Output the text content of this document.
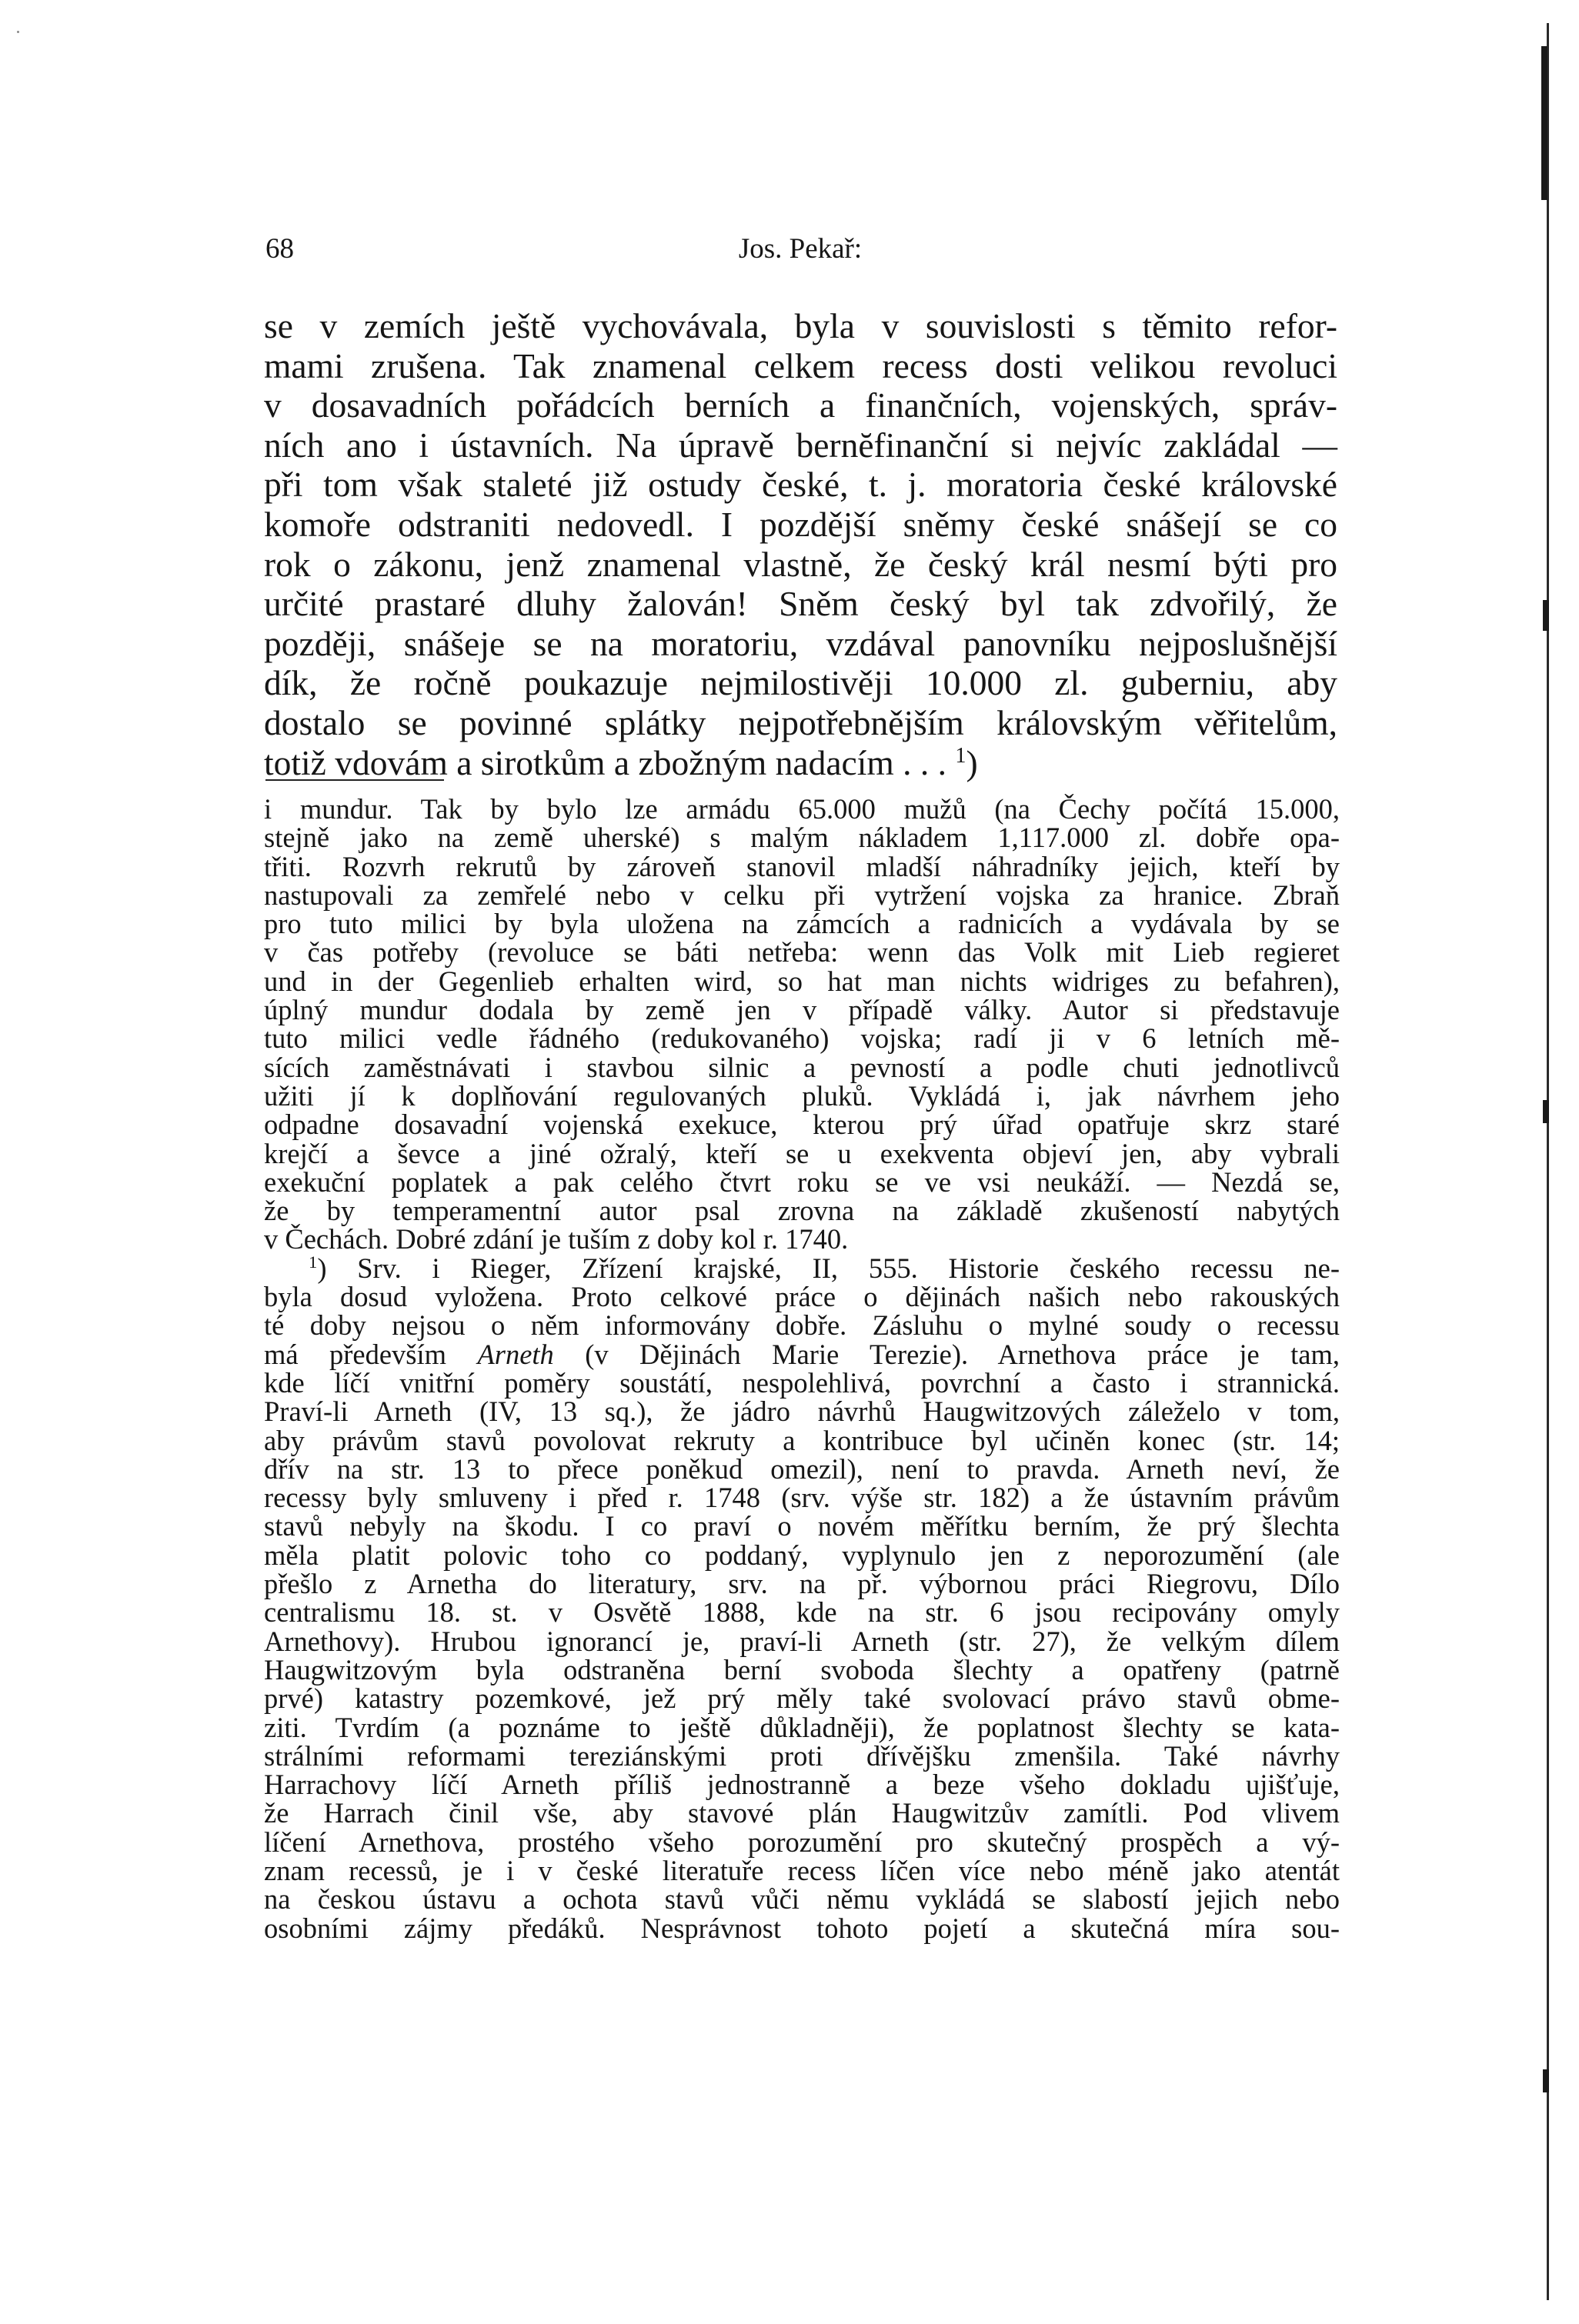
68	Jos. Pekař:
se v zemích ještě vychovávala, byla v souvislosti s těmito refor-
mami zrušena. Tak znamenal celkem recess dosti velikou revoluci
v dosavadních pořádcích berních a finančních, vojenských, správ-
ních ano i ústavních. Na úpravě bernĕfinanční si nejvíc zakládal —
při tom však staleté již ostudy české, t. j. moratoria české královské
komoře odstraniti nedovedl. I pozdější sněmy české snášejí se co
rok o zákonu, jenž znamenal vlastně, že český král nesmí býti pro
určité prastaré dluhy žalován! Sněm český byl tak zdvořilý, že
později, snášeje se na moratoriu, vzdával panovníku nejposlušnější
dík, že ročně poukazuje nejmilostivěji 10.000 zl. guberniu, aby
dostalo se povinné splátky nejpotřebnějším královským věřitelům,
totiž vdovám a sirotkům a zbožným nadacím . . . $^1$)
i mundur. Tak by bylo lze armádu 65.000 mužů (na Čechy počítá 15.000,
stejně jako na země uherské) s malým nákladem 1,117.000 zl. dobře opa-
třiti. Rozvrh rekrutů by zároveň stanovil mladší náhradníky jejich, kteří by
nastupovali za zemřelé nebo v celku při vytržení vojska za hranice. Zbraň
pro tuto milici by byla uložena na zámcích a radnicích a vydávala by se
v čas potřeby (revoluce se báti netřeba: wenn das Volk mit Lieb regieret
und in der Gegenlieb erhalten wird, so hat man nichts widriges zu befahren),
úplný mundur dodala by země jen v případě války. Autor si představuje
tuto milici vedle řádného (redukovaného) vojska; radí ji v 6 letních mě-
sících zaměstnávati i stavbou silnic a pevností a podle chuti jednotlivců
užiti jí k doplňování regulovaných pluků. Vykládá i, jak návrhem jeho
odpadne dosavadní vojenská exekuce, kterou prý úřad opatřuje skrz staré
krejčí a ševce a jiné ožralý, kteří se u exekventa objeví jen, aby vybrali
exekuční poplatek a pak celého čtvrt roku se ve vsi neukáží. — Nezdá se,
že by temperamentní autor psal zrovna na základě zkušeností nabytých
v Čechách. Dobré zdání je tuším z doby kol r. 1740.
$^1$) Srv. i Rieger, Zřízení krajské, II, 555. Historie českého recessu ne-
byla dosud vyložena. Proto celkové práce o dějinách našich nebo rakouských
té doby nejsou o něm informovány dobře. Zásluhu o mylné soudy o recessu
má především Arneth (v Dějinách Marie Terezie). Arnethova práce je tam,
kde líčí vnitřní poměry soustátí, nespolehlivá, povrchní a často i strannická.
Praví-li Arneth (IV, 13 sq.), že jádro návrhů Haugwitzových záleželo v tom,
aby právům stavů povolovat rekruty a kontribuce byl učiněn konec (str. 14;
dřív na str. 13 to přece poněkud omezil), není to pravda. Arneth neví, že
recessy byly smluveny i před r. 1748 (srv. výše str. 182) a že ústavním právům
stavů nebyly na škodu. I co praví o novém měřítku berním, že prý šlechta
měla platit polovic toho co poddaný, vyplynulo jen z neporozumění (ale
přešlo z Arnetha do literatury, srv. na př. výbornou práci Riegrovu, Dílo
centralismu 18. st. v Osvětě 1888, kde na str. 6 jsou recipovány omyly
Arnethovy). Hrubou ignorancí je, praví-li Arneth (str. 27), že velkým dílem
Haugwitzovým byla odstraněna berní svoboda šlechty a opatřeny (patrně
prvé) katastry pozemkové, jež prý měly také svolovací právo stavů obme-
ziti. Tvrdím (a poznáme to ještě důkladněji), že poplatnost šlechty se kata-
strálními reformami tereziánskými proti dřívějšku zmenšila. Také návrhy
Harrachovy líčí Arneth příliš jednostranně a beze všeho dokladu ujišťuje,
že Harrach činil vše, aby stavové plán Haugwitzův zamítli. Pod vlivem
líčení Arnethova, prostého všeho porozumění pro skutečný prospěch a vý-
znam recessů, je i v české literatuře recess líčen více nebo méně jako atentát
na českou ústavu a ochota stavů vůči němu vykládá se slabostí jejich nebo
osobními zájmy předáků. Nesprávnost tohoto pojetí a skutečná míra sou-
